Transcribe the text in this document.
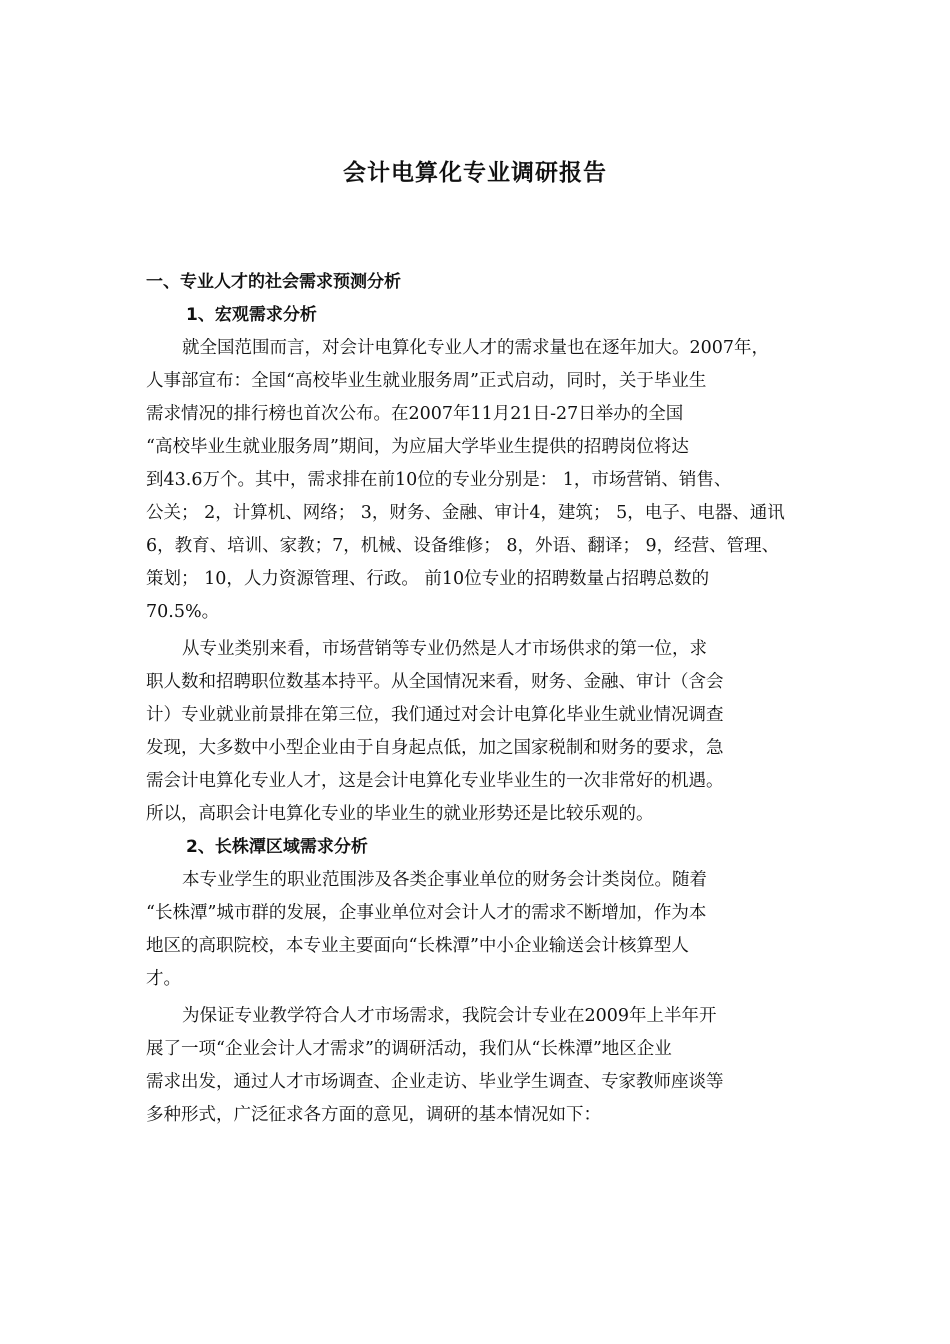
会计电算化专业调研报告
一、专业人才的社会需求预测分析
1、宏观需求分析
就全国范围而言，对会计电算化专业人才的需求量也在逐年加大。2007年，
人事部宣布：全国“高校毕业生就业服务周”正式启动，同时，关于毕业生
需求情况的排行榜也首次公布。在2007年11月21日-27日举办的全国
“高校毕业生就业服务周”期间，为应届大学毕业生提供的招聘岗位将达
到43.6万个。其中，需求排在前10位的专业分别是： 1，市场营销、销售、
公关； 2，计算机、网络； 3，财务、金融、审计4，建筑； 5，电子、电器、通讯
6，教育、培训、家教；7，机械、设备维修； 8，外语、翻译； 9，经营、管理、
策划； 10，人力资源管理、行政。 前10位专业的招聘数量占招聘总数的
70.5%。
从专业类别来看，市场营销等专业仍然是人才市场供求的第一位，求
职人数和招聘职位数基本持平。从全国情况来看，财务、金融、审计（含会
计）专业就业前景排在第三位，我们通过对会计电算化毕业生就业情况调查
发现，大多数中小型企业由于自身起点低，加之国家税制和财务的要求，急
需会计电算化专业人才，这是会计电算化专业毕业生的一次非常好的机遇。
所以，高职会计电算化专业的毕业生的就业形势还是比较乐观的。
2、长株潭区域需求分析
本专业学生的职业范围涉及各类企事业单位的财务会计类岗位。随着
“长株潭”城市群的发展，企事业单位对会计人才的需求不断增加，作为本
地区的高职院校，本专业主要面向“长株潭”中小企业输送会计核算型人
才。
为保证专业教学符合人才市场需求，我院会计专业在2009年上半年开
展了一项“企业会计人才需求”的调研活动，我们从“长株潭”地区企业
需求出发，通过人才市场调查、企业走访、毕业学生调查、专家教师座谈等
多种形式，广泛征求各方面的意见，调研的基本情况如下：
